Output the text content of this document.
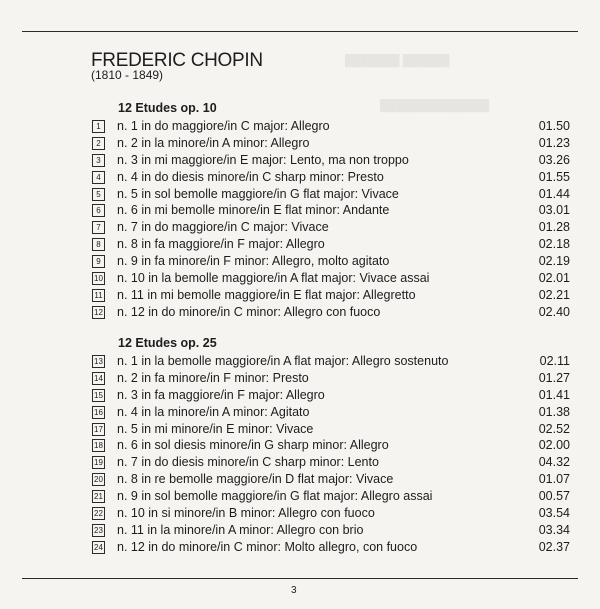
███████ ██████
██████████████
FREDERIC CHOPIN
(1810 - 1849)
12 Etudes op. 10
1	n. 1 in do maggiore/in C major: Allegro	01.50
2	n. 2 in la minore/in A minor: Allegro	01.23
3	n. 3 in mi maggiore/in E major: Lento, ma non troppo	03.26
4	n. 4 in do diesis minore/in C sharp minor: Presto	01.55
5	n. 5 in sol bemolle maggiore/in G flat major: Vivace	01.44
6	n. 6 in mi bemolle minore/in E flat minor: Andante	03.01
7	n. 7 in do maggiore/in C major: Vivace	01.28
8	n. 8 in fa maggiore/in F major: Allegro	02.18
9	n. 9 in fa minore/in F minor: Allegro, molto agitato	02.19
10 n. 10 in la bemolle maggiore/in A flat major: Vivace assai	02.01
11 n. 11 in mi bemolle maggiore/in E flat major: Allegretto	02.21
12 n. 12 in do minore/in C minor: Allegro con fuoco	02.40
12 Etudes op. 25
13 n. 1 in la bemolle maggiore/in A flat major: Allegro sostenuto	02.11
14 n. 2 in fa minore/in F minor: Presto	01.27
15 n. 3 in fa maggiore/in F major: Allegro	01.41
16 n. 4 in la minore/in A minor: Agitato	01.38
17 n. 5 in mi minore/in E minor: Vivace	02.52
18 n. 6 in sol diesis minore/in G sharp minor: Allegro	02.00
19 n. 7 in do diesis minore/in C sharp minor: Lento	04.32
20 n. 8 in re bemolle maggiore/in D flat major: Vivace	01.07
21 n. 9 in sol bemolle maggiore/in G flat major: Allegro assai	00.57
22 n. 10 in si minore/in B minor: Allegro con fuoco	03.54
23 n. 11 in la minore/in A minor: Allegro con brio	03.34
24 n. 12 in do minore/in C minor: Molto allegro, con fuoco	02.37
3
